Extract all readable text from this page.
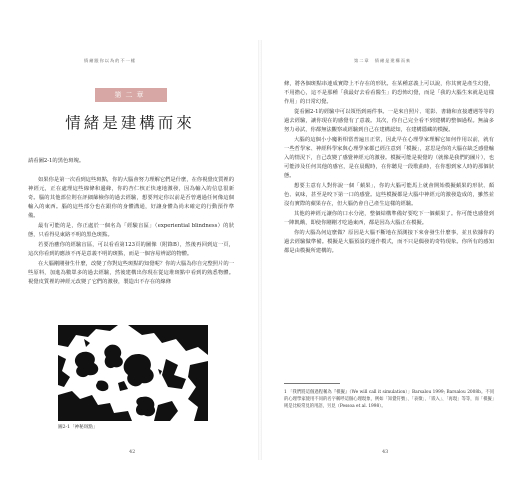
情緒跟你以為的不一樣
第二章
情緒是建構而來

請看圖2-1的黑色斑塊。

如果你是第一次看到這些斑點，你的大腦會努力理解它們是什麼，在你視覺皮質裡的神經元，正在處理這些線條和邊緣，你的杏仁核正快速地激發，因為輸入的信息很新奇。腦的其他部位則在評細篩檢你的過去經驗，想要判定你以前是否曾遇過任何像這個輸入的東西。腦的這些部分也在跟你的身體溝通，好讓身體為尚未確定的行動預作準備。

最有可能的是，你正處於一個名為「經驗盲區」（experiential blindness）的狀態，只看得見東路不明的黑色斑點。

若要治癒你的經驗盲區，可以看看第123頁的圖像（附錄B），然後再回到這一頁，這次你看到的應該不再是意義不明的斑點，而是一個容易辨認的物體。

在大腦剛剛發生什麼，改變了你對這些斑點的知覺呢？你的大腦為你自完整照片的一些原料，加進為數眾多的過去經驗，然後建構出你現在從這堆斑點中看到的熟悉物體。視覺皮質裡的神經元改變了它們的激發，製造出不存在的線條

圖2-1「神秘斑點」
42
第二章　情緒是建構而來

條，將各個斑點串連成實際上不存在的形狀。在某種意義上可以說，你其實是產生幻覺，不用擔心，這不是那種「我最好去看看醫生」的恐怖幻覺，而是「我的大腦生來就是這樣作用」的日常幻覺。

從看圖2-1的經驗中可以領悟到兩件事。一是來自照片、電影、書籍和直接遭遇等等的過去經驗，讓你現在的感覺有了意義。其次，你自己完全看不到建構的整個過程。無論多努力尋試，你都無法觀察或經驗到自己在建構認知，在建構隱藏的模擬。

大腦的這個小小魔術相當普遍且正常，因此早在心理學家理解它如何作用以前，就有一些哲學家、神經科學家與心理學家都已經注意到「模擬」，意思是你的大腦在缺乏感覺輸入的情況下，自己改變了感覺神經元的激發。模擬可能是視覺的（就像是我們的圖片），也可能涉及任何其他的感官，是在晨醒時，在你聽見一段歌曲時，在你想到家人時的那個狀態。

想要主意有人對你說一個「蘋果」，你的大腦可能馬上就會開始模擬蘋果的形狀、顏色、氣味，甚至是咬下第一口的感覺。這些模擬都是大腦中神經元的激發造成的，雖然並沒有實際的蘋果存在，但大腦仍會自己產生這樣的經驗。

其他的神經元讓你的口水分泌，整個結構準備好要吃下一個蘋果了。你可能也感覺到一陣飢餓，即使你剛剛才吃過東西，都是因為大腦正在模擬。

你的大腦為何這麼做？原因是大腦不斷地在預測接下來會發生什麼事，並且依據你的過去經驗做準備。模擬是大腦預設的運作模式，而不只是偶發的奇特現象。你所有的感知都是由模擬所建構的。

1 「我們將這個過程稱為『模擬』（We will call it simulation）」Barsalou 1999; Barsalou 2008b。不同的心理學家使用不同的名字稱呼這個心理現象，例如「知覺符號」、「表徵」、「嵌入」、「再現」等等，而「模擬」則是比較常見的用語，另見（Pessoa et al. 1998）。
43
